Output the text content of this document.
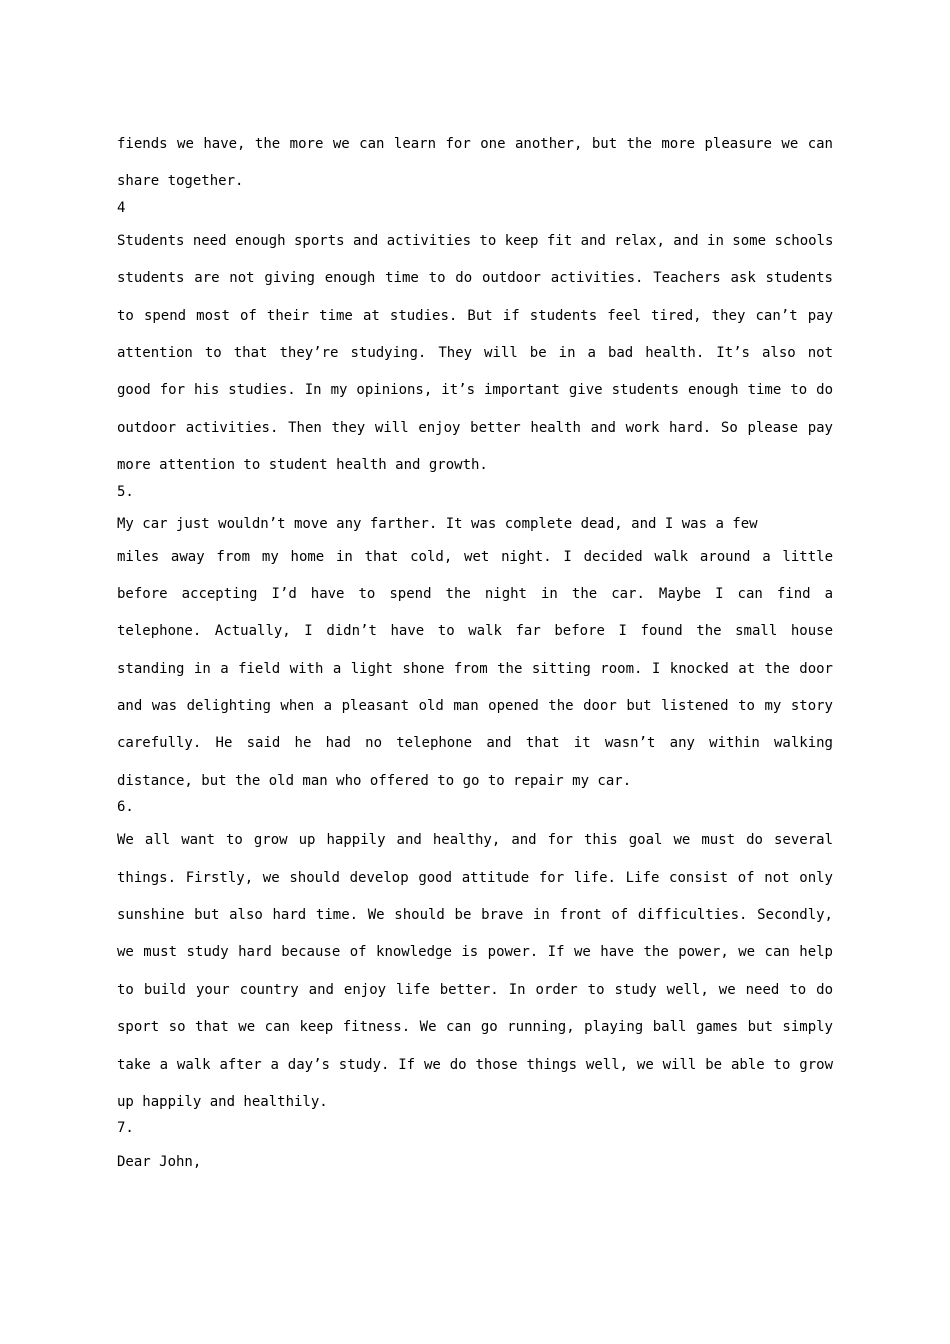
fiends we have, the more we can learn for one another, but the more pleasure we can
share together.
4
Students need enough sports and activities to keep fit and relax, and in some schools
students are not giving enough time to do outdoor activities. Teachers ask students
to spend most of their time at studies. But if students feel tired, they can’t pay
attention to that they’re studying. They will be in a bad health. It’s also not
good for his studies. In my opinions, it’s important give students enough time to do
outdoor activities. Then they will enjoy better health and work hard. So please pay
more attention to student health and growth.
5.
My car just wouldn’t move any farther. It was complete dead, and I was a few
miles away from my home in that cold, wet night. I decided walk around a little
before accepting I’d have to spend the night in the car. Maybe I can find a
telephone. Actually, I didn’t have to walk far before I found the small house
standing in a field with a light shone from the sitting room. I knocked at the door
and was delighting when a pleasant old man opened the door but listened to my story
carefully. He said he had no telephone and that it wasn’t any within walking
distance, but the old man who offered to go to repair my car.
6.
We all want to grow up happily and healthy, and for this goal we must do several
things. Firstly, we should develop good attitude for life. Life consist of not only
sunshine but also hard time. We should be brave in front of difficulties. Secondly,
we must study hard because of knowledge is power. If we have the power, we can help
to build your country and enjoy life better. In order to study well, we need to do
sport so that we can keep fitness. We can go running, playing ball games but simply
take a walk after a day’s study. If we do those things well, we will be able to grow
up happily and healthily.
7.
Dear John,
